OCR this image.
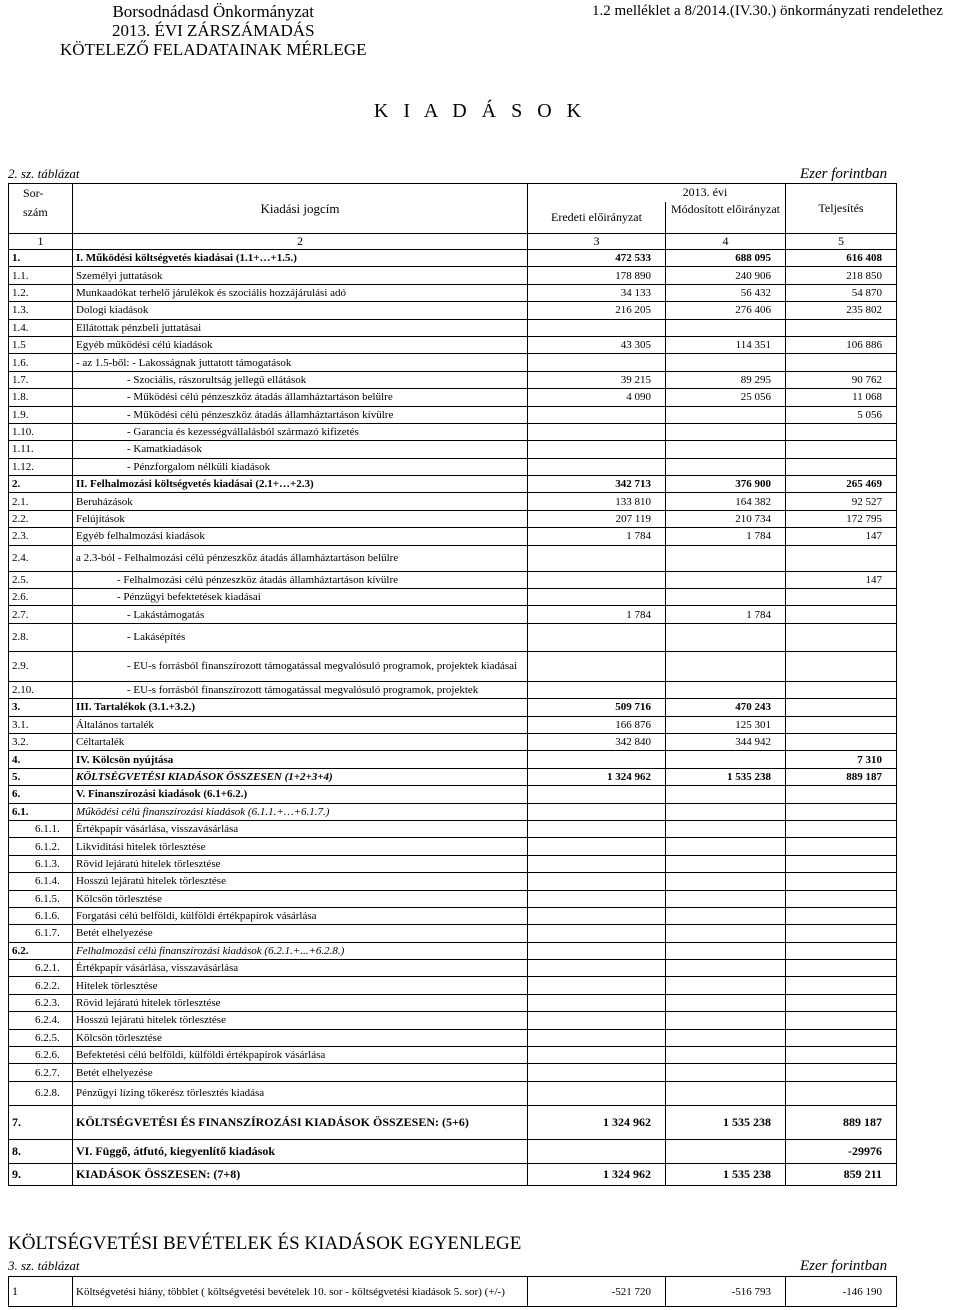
Borsodnádasd Önkormányzat
2013. ÉVI ZÁRSZÁMADÁS
KÖTELEZŐ FELADATAINAK MÉRLEGE
1.2 melléklet a 8/2014.(IV.30.) önkormányzati rendelethez
K I A D Á S O K
2. sz. táblázat	Ezer forintban
Sor- szám	Kiadási jogcím	2013. évi		Teljesítés
		Eredeti előirányzat	Módosított előirányzat	
1	2	3	4	5
1.	I. Működési költségvetés kiadásai (1.1+…+1.5.)	472 533	688 095	616 408
1.1.	Személyi juttatások	178 890	240 906	218 850
1.2.	Munkaadókat terhelő járulékok és szociális hozzájárulási adó	34 133	56 432	54 870
1.3.	Dologi kiadások	216 205	276 406	235 802
1.4.	Ellátottak pénzbeli juttatásai			
1.5	Egyéb működési célú kiadások	43 305	114 351	106 886
1.6.	- az 1.5-ből: - Lakosságnak juttatott támogatások			
1.7.	- Szociális, rászorultság jellegű ellátások	39 215	89 295	90 762
1.8.	- Működési célú pénzeszköz átadás államháztartáson belülre	4 090	25 056	11 068
1.9.	- Működési célú pénzeszköz átadás államháztartáson kívülre			5 056
1.10.	- Garancia és kezességvállalásból származó kifizetés			
1.11.	- Kamatkiadások			
1.12.	- Pénzforgalom nélküli kiadások			
2.	II. Felhalmozási költségvetés kiadásai (2.1+…+2.3)	342 713	376 900	265 469
2.1.	Beruházások	133 810	164 382	92 527
2.2.	Felújítások	207 119	210 734	172 795
2.3.	Egyéb felhalmozási kiadások	1 784	1 784	147
2.4.	a 2.3-ból - Felhalmozási célú pénzeszköz átadás államháztartáson belülre			
2.5.	- Felhalmozási célú pénzeszköz átadás államháztartáson kívülre			147
2.6.	- Pénzügyi befektetések kiadásai			
2.7.	- Lakástámogatás	1 784	1 784	
2.8.	- Lakásépítés			
2.9.	- EU-s forrásból finanszírozott támogatással megvalósuló programok, projektek kiadásai			
2.10.	- EU-s forrásból finanszírozott támogatással megvalósuló programok, projektek			
3.	III. Tartalékok (3.1.+3.2.)	509 716	470 243	
3.1.	Általános tartalék	166 876	125 301	
3.2.	Céltartalék	342 840	344 942	
4.	IV. Kölcsön nyújtása			7 310
5.	KÖLTSÉGVETÉSI KIADÁSOK ÖSSZESEN (1+2+3+4)	1 324 962	1 535 238	889 187
6.	V. Finanszírozási kiadások (6.1+6.2.)			
6.1.	Működési célú finanszírozási kiadások (6.1.1.+…+6.1.7.)			
6.1.1.	Értékpapír vásárlása, visszavásárlása			
6.1.2.	Likviditási hitelek törlesztése			
6.1.3.	Rövid lejáratú hitelek törlesztése			
6.1.4.	Hosszú lejáratú hitelek törlesztése			
6.1.5.	Kölcsön törlesztése			
6.1.6.	Forgatási célú belföldi, külföldi értékpapírok vásárlása			
6.1.7.	Betét elhelyezése			
6.2.	Felhalmozási célú finanszírozási kiadások (6.2.1.+...+6.2.8.)			
6.2.1.	Értékpapír vásárlása, visszavásárlása			
6.2.2.	Hitelek törlesztése			
6.2.3.	Rövid lejáratú hitelek törlesztése			
6.2.4.	Hosszú lejáratú hitelek törlesztése			
6.2.5.	Kölcsön törlesztése			
6.2.6.	Befektetési célú belföldi, külföldi értékpapírok vásárlása			
6.2.7.	Betét elhelyezése			
6.2.8.	Pénzügyi lízing tőkerész törlesztés kiadása			
7.	KÖLTSÉGVETÉSI ÉS FINANSZÍROZÁSI KIADÁSOK ÖSSZESEN: (5+6)	1 324 962	1 535 238	889 187
8.	VI. Függő, átfutó, kiegyenlítő kiadások			-29976
9.	KIADÁSOK ÖSSZESEN: (7+8)	1 324 962	1 535 238	859 211
KÖLTSÉGVETÉSI BEVÉTELEK ÉS KIADÁSOK EGYENLEGE
3. sz. táblázat	Ezer forintban
1	Költségvetési hiány, többlet ( költségvetési bevételek 10. sor - költségvetési kiadások 5. sor) (+/-)	-521 720	-516 793	-146 190
